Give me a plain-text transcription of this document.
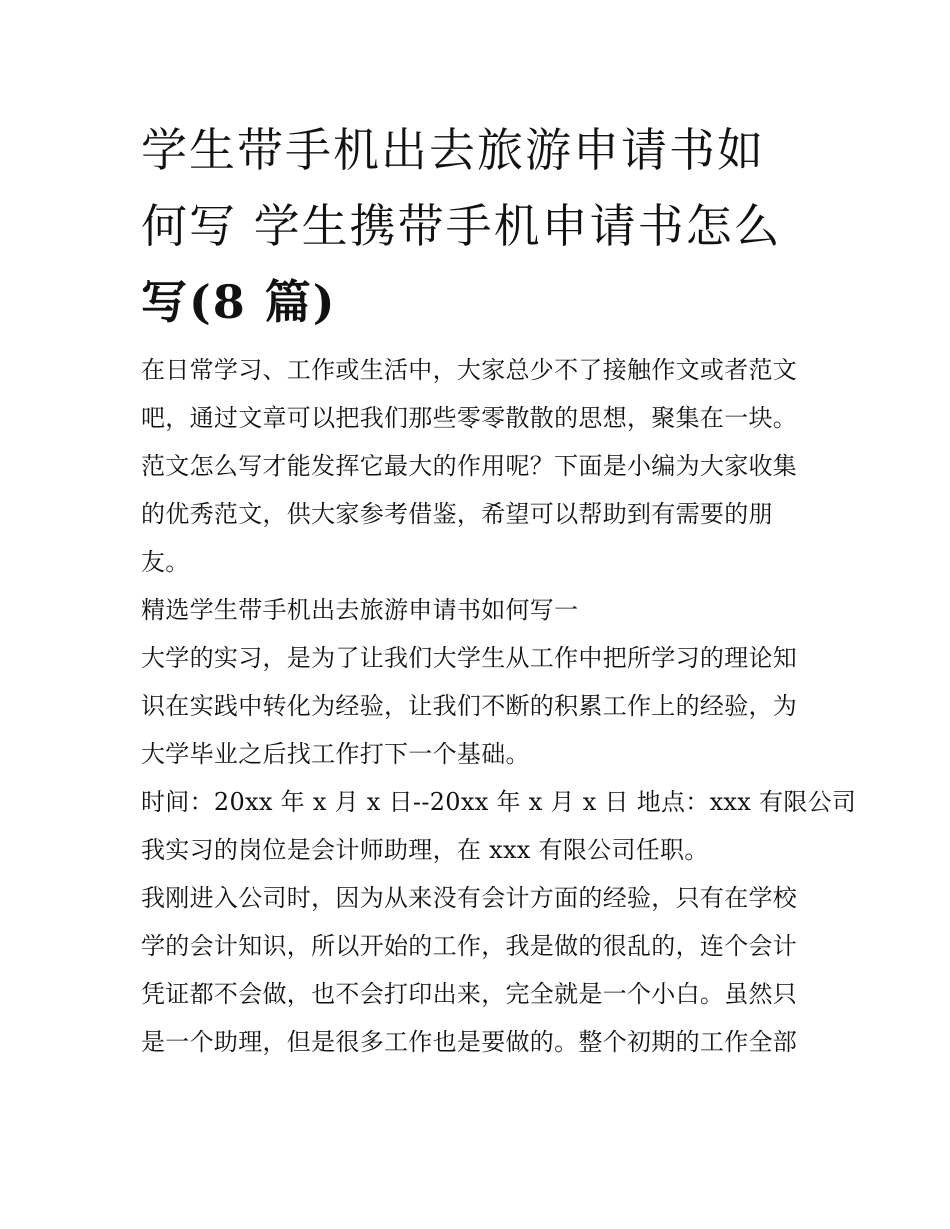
学生带手机出去旅游申请书如
何写 学生携带手机申请书怎么
写(8 篇)
在日常学习、工作或生活中，大家总少不了接触作文或者范文
吧，通过文章可以把我们那些零零散散的思想，聚集在一块。
范文怎么写才能发挥它最大的作用呢？下面是小编为大家收集
的优秀范文，供大家参考借鉴，希望可以帮助到有需要的朋
友。
精选学生带手机出去旅游申请书如何写一
大学的实习，是为了让我们大学生从工作中把所学习的理论知
识在实践中转化为经验，让我们不断的积累工作上的经验，为
大学毕业之后找工作打下一个基础。
时间：20xx 年 x 月 x 日--20xx 年 x 月 x 日 地点：xxx 有限公司
我实习的岗位是会计师助理，在 xxx 有限公司任职。
我刚进入公司时，因为从来没有会计方面的经验，只有在学校
学的会计知识，所以开始的工作，我是做的很乱的，连个会计
凭证都不会做，也不会打印出来，完全就是一个小白。虽然只
是一个助理，但是很多工作也是要做的。整个初期的工作全部
